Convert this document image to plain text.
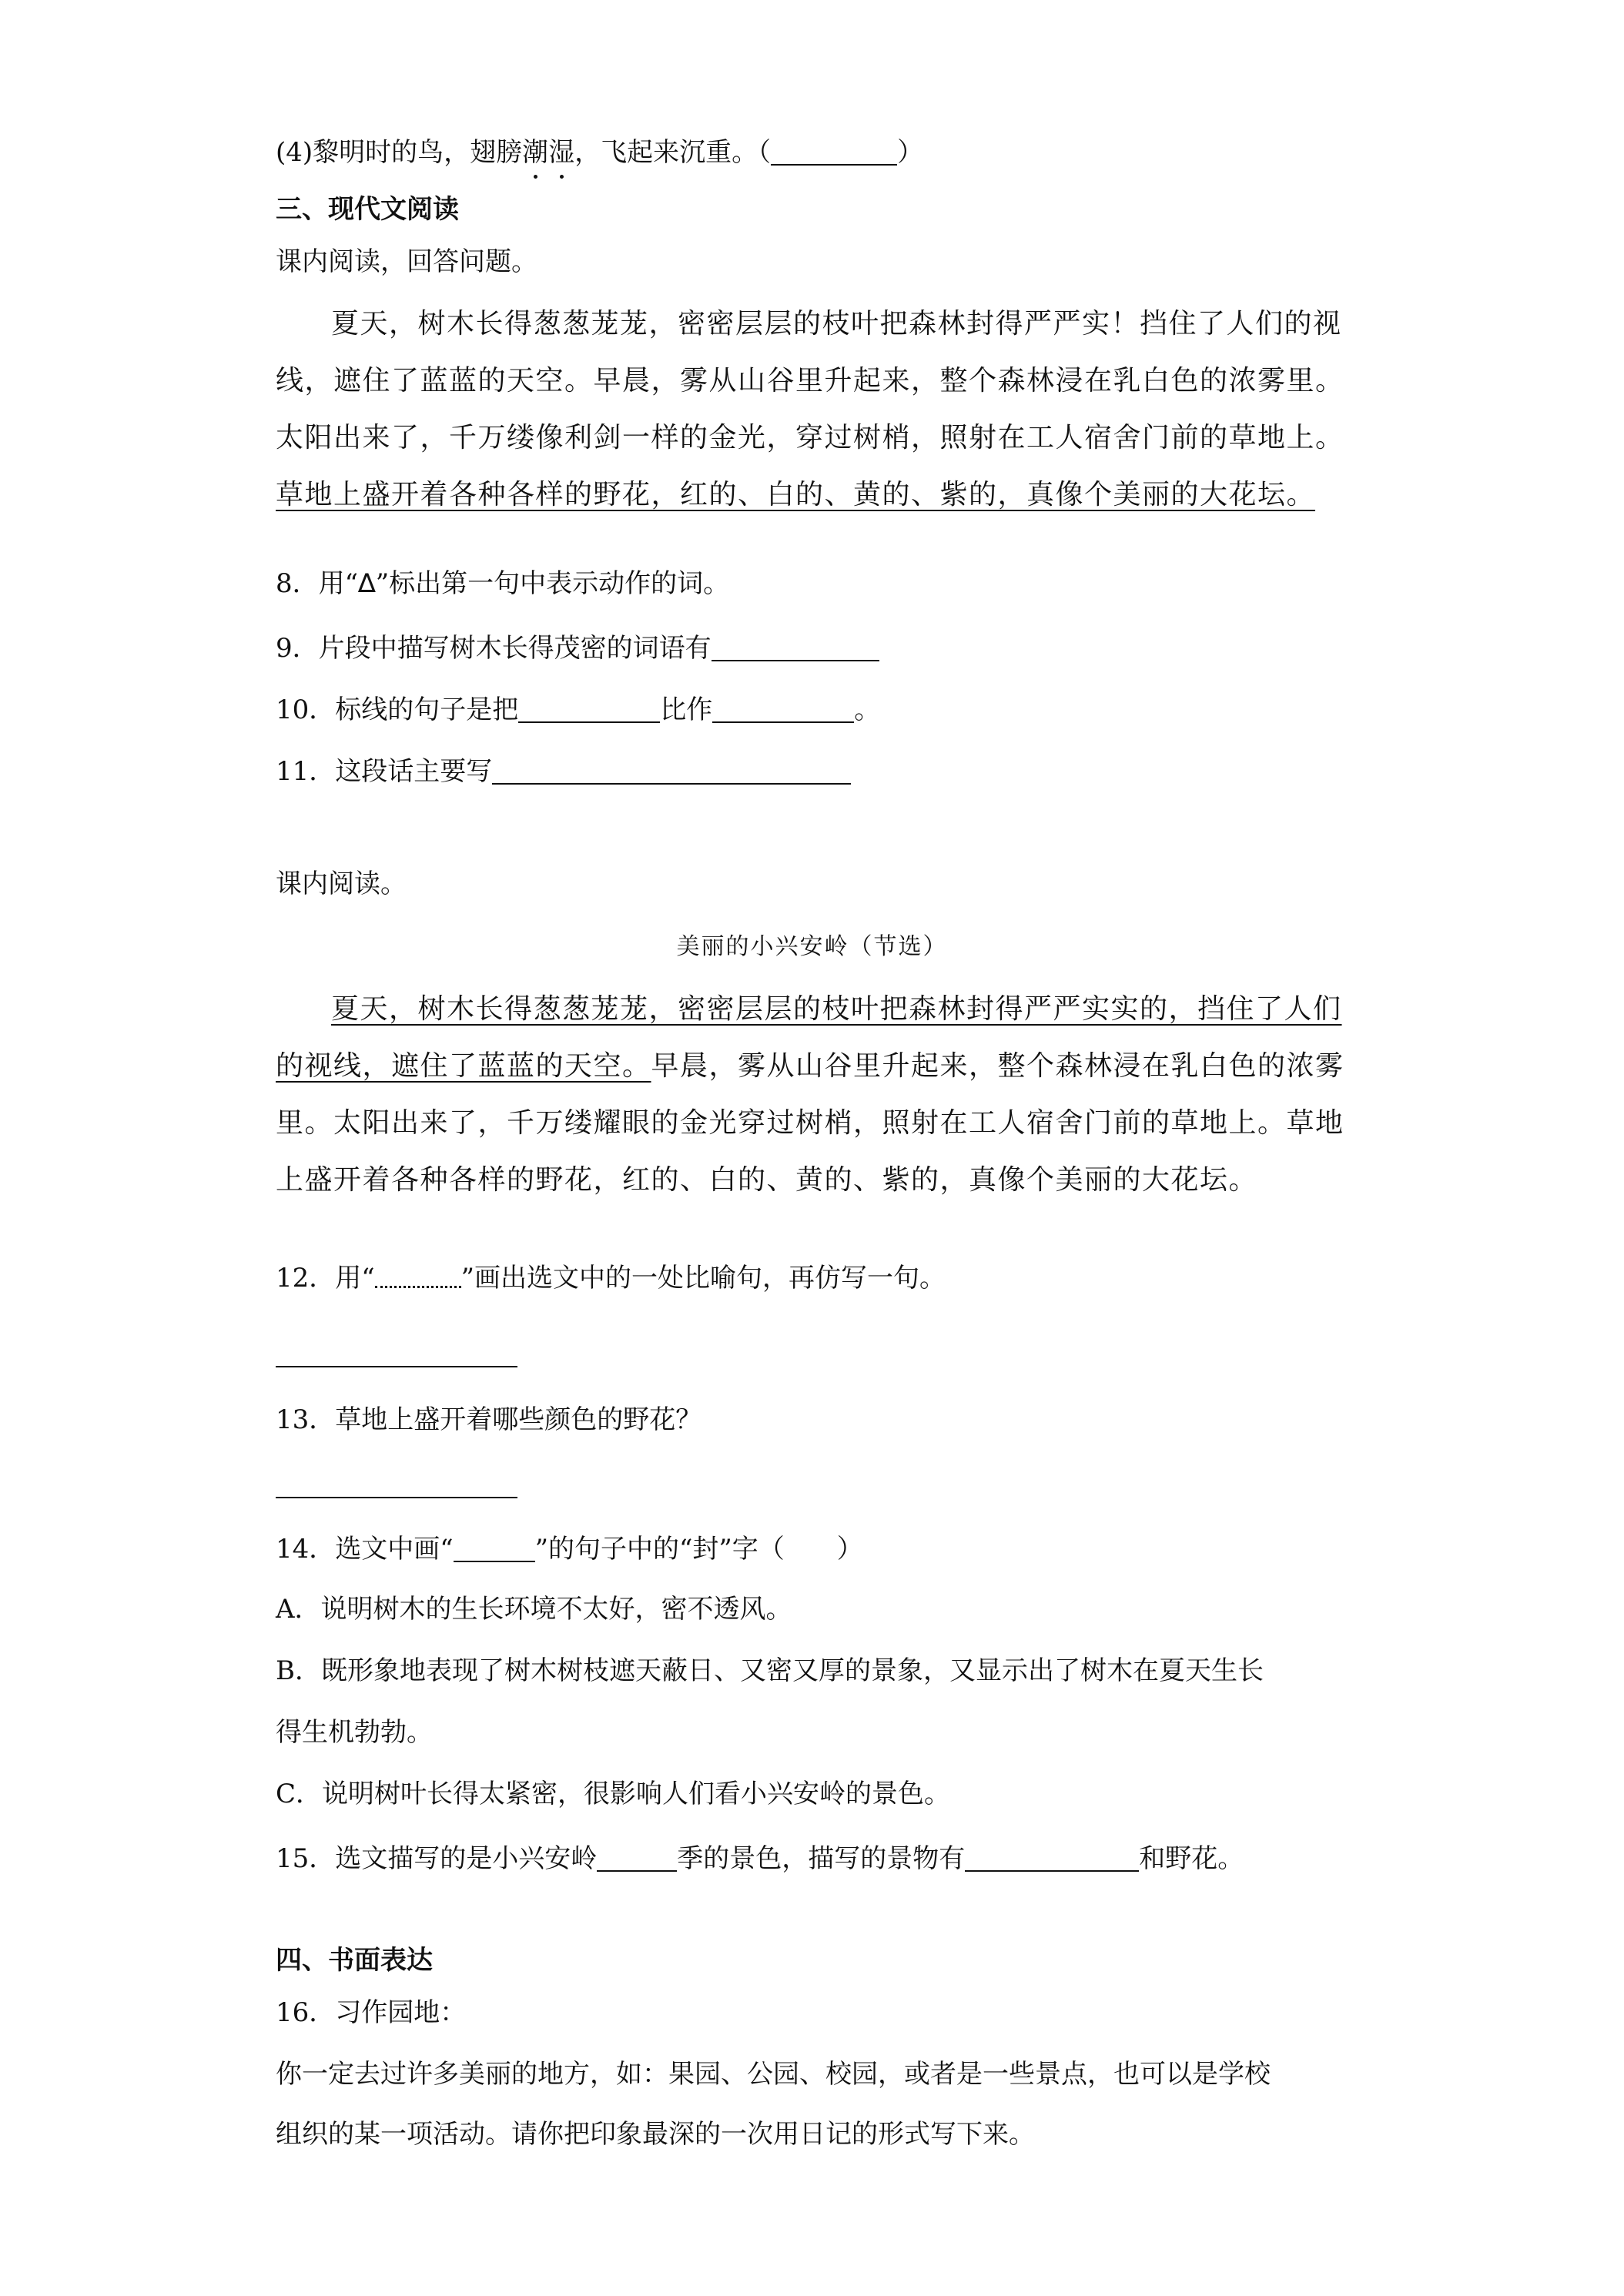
(4)黎明时的鸟，翅膀潮湿，飞起来沉重。（	）
三、现代文阅读
课内阅读，回答问题。
夏天，树木长得葱葱茏茏，密密层层的枝叶把森林封得严严实！挡住了人们的视线，遮住了蓝蓝的天空。早晨，雾从山谷里升起来，整个森林浸在乳白色的浓雾里。太阳出来了，千万缕像利剑一样的金光，穿过树梢，照射在工人宿舍门前的草地上。草地上盛开着各种各样的野花，红的、白的、黄的、紫的，真像个美丽的大花坛。
8．用“∆”标出第一句中表示动作的词。
9．片段中描写树木长得茂密的词语有
10．标线的句子是把	比作	。
11．这段话主要写
课内阅读。
美丽的小兴安岭（节选）
夏天，树木长得葱葱茏茏，密密层层的枝叶把森林封得严严实实的，挡住了人们的视线，遮住了蓝蓝的天空。早晨，雾从山谷里升起来，整个森林浸在乳白色的浓雾里。太阳出来了，千万缕耀眼的金光穿过树梢，照射在工人宿舍门前的草地上。草地上盛开着各种各样的野花，红的、白的、黄的、紫的，真像个美丽的大花坛。
12．用“	”画出选文中的一处比喻句，再仿写一句。
13．草地上盛开着哪些颜色的野花？
14．选文中画“	”的句子中的“封”字（　　）
A．说明树木的生长环境不太好，密不透风。
B．既形象地表现了树木树枝遮天蔽日、又密又厚的景象，又显示出了树木在夏天生长
得生机勃勃。
C．说明树叶长得太紧密，很影响人们看小兴安岭的景色。
15．选文描写的是小兴安岭	季的景色，描写的景物有	和野花。
四、书面表达
16．习作园地：
你一定去过许多美丽的地方，如：果园、公园、校园，或者是一些景点，也可以是学校
组织的某一项活动。请你把印象最深的一次用日记的形式写下来。
